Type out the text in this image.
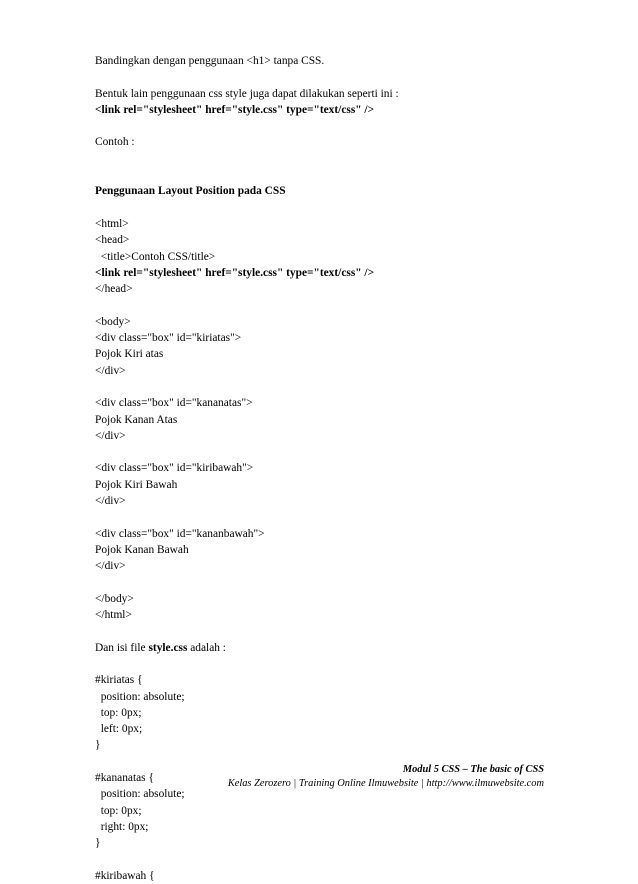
Bandingkan dengan penggunaan <h1> tanpa CSS.
Bentuk lain penggunaan css style juga dapat dilakukan seperti ini :
<link rel="stylesheet" href="style.css" type="text/css" />
Contoh :
Penggunaan Layout Position pada CSS
<html>
<head>
<title>Contoh CSS/title>
<link rel="stylesheet" href="style.css" type="text/css" />
</head>
<body>
<div class="box" id="kiriatas">
Pojok Kiri atas
</div>
<div class="box" id="kananatas">
Pojok Kanan Atas
</div>
<div class="box" id="kiribawah">
Pojok Kiri Bawah
</div>
<div class="box" id="kananbawah">
Pojok Kanan Bawah
</div>
</body>
</html>
Dan isi file style.css adalah :
#kiriatas {
position: absolute;
top: 0px;
left: 0px;
}
#kananatas {
position: absolute;
top: 0px;
right: 0px;
}
#kiribawah {
Modul 5 CSS – The basic of CSS
Kelas Zerozero | Training Online Ilmuwebsite | http://www.ilmuwebsite.com
